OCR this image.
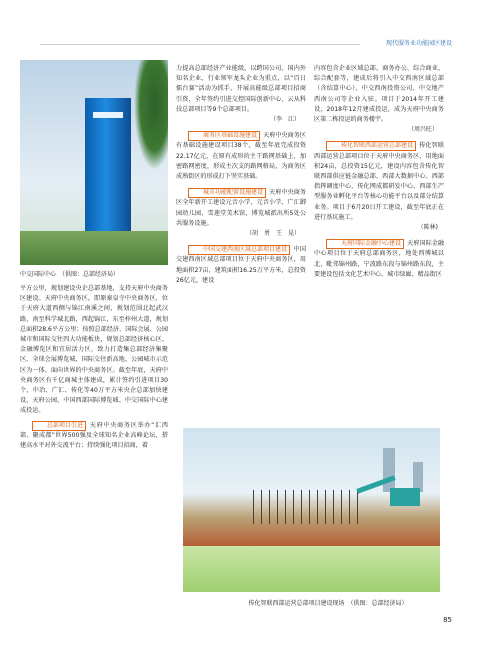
现代服务业功能园区建设
中交国际中心　（供图：总部经济局）

平方公里，规划建设央企总部基地，支持天府中央商务区建设。天府中央商务区，即原秦皇寺中央商务区，位于天府大道西侧与锦江南溪之间，规划范围北起武汉路，南至科学城北路，西起锦江，东至梓州大道，规划总面积28.6平方公里；按照总部经济、国际会展、公园城市和国际交往四大功能板块，规划总部经济核心区、金融博览区和宜居活力区，致力打造集总部经济集聚区、全球会展博览城、国际交往新高地、公园城市示范区为一体、面向世界的中央商务区。截至年底，天府中央商务区有千亿商城主体建成，累计签约引进项目30个，中冶、广汇、传化等40万平方米央企总部加快建设，天府公园、中国西部国际博览城、中交国际中心建成投运。

总部项目引进 天府中央商务区举办“汇西部、聚成都”世界500强及全球知名企业高峰论坛，搭建高水平对外交流平台；持续强化项目招商，着

力提高总部经济产业能级，以跨国公司、国内外知名企业、行业领军龙头企业为重点，以“百日擂台赛”活动为抓手，开展高能级总部项目招商引资，全年签约引进交控国际创新中心、云从科技总部项目等9个总部项目。

（李　江）

商务区基础设施建设 天府中央商务区有基础设施建设项目38个，截至年底完成投资22.17亿元，在原有成形的主干路网基础上，加密路网密度，形成主次支的路网格局，为商务区成熟街区的形成打下坚实基础。

城市功能配套设施建设 天府中央商务区全年新开工建设元音小学、元音小学、广汇御园幼儿园、雪莲堂美术馆、博览城派出所5处公共服务设施。

（胡　勇　王　晃）

中国交建西南区域总部项目建设 中国交建西南区域总部项目位于天府中央商务区，用地面积27亩，建筑面积16.25万平方米，总投资26亿元，建设

内容包含企业区域总部、商务办公、综合商业、综合配套等，建成后将引入中交西南区域总部（含结算中心）、中交西南投资公司、中交地产西南公司等企业入驻。项目于2014年开工建设，2018年12月建成投运，成为天府中央商务区第二栋投运的商务楼宇。

（周兴旺）

传化智联西部运营总部建设 传化智联西部运营总部项目位于天府中央商务区，用地面积24亩，总投资15亿元，建设内容包含传化智联西部供应链金融总部、西部大数据中心、西部指挥调度中心、传化网成都研发中心、西部生产型服务业孵化平台等核心功能平台以及部分结算业务。项目于6月20日开工建设，截至年底正在进行基坑施工。

（陈林)

天府国际金融中心建设 天府国际金融中心项目位于天府总部商务区，地处西博城以北，毗邻锦州路，宁波路东段与锦州路东段，主要建设包括文化艺术中心、城市绿廊、精品街区

传化智联西部运营总部项目建设现场　（供图：总部经济局）
85
